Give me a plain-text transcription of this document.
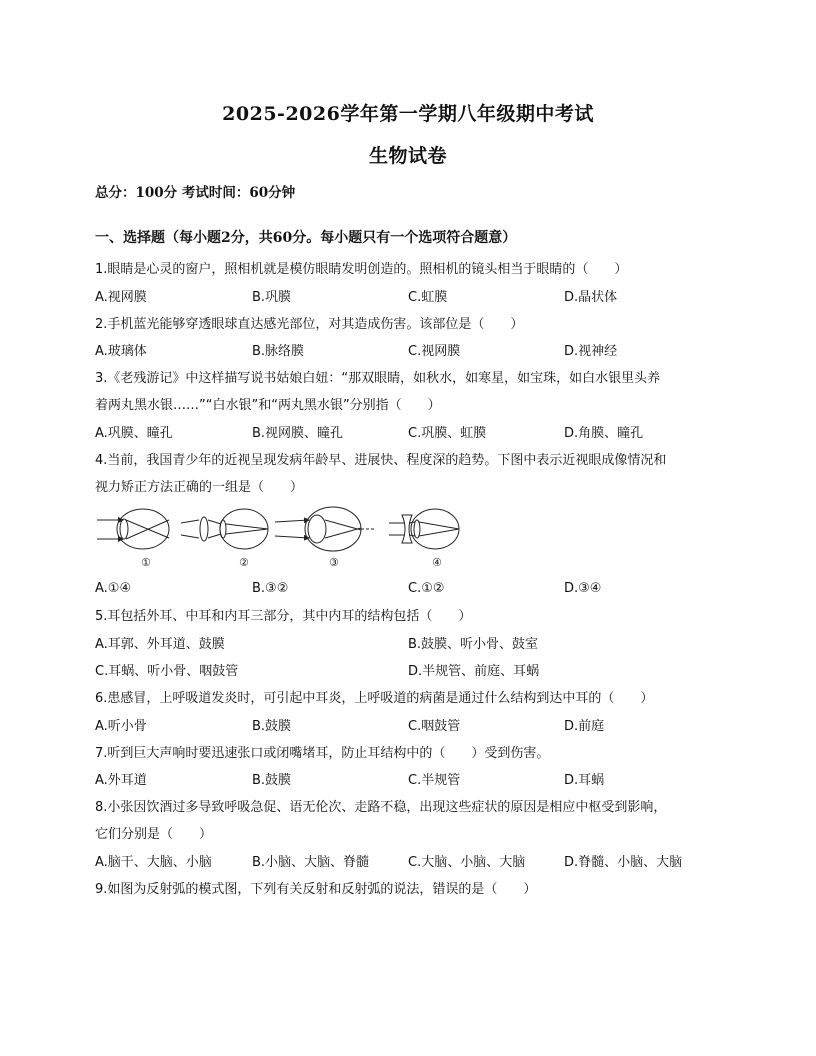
2025-2026学年第一学期八年级期中考试
生物试卷
总分：100分 考试时间：60分钟
一、选择题（每小题2分，共60分。每小题只有一个选项符合题意）
1.眼睛是心灵的窗户，照相机就是模仿眼睛发明创造的。照相机的镜头相当于眼睛的（　　）
A.视网膜	B.巩膜	C.虹膜	D.晶状体
2.手机蓝光能够穿透眼球直达感光部位，对其造成伤害。该部位是（　　）
A.玻璃体	B.脉络膜	C.视网膜	D.视神经
3.《老残游记》中这样描写说书姑娘白妞：“那双眼睛，如秋水，如寒星，如宝珠，如白水银里头养
着两丸黑水银……”“白水银”和“两丸黑水银”分别指（　　）
A.巩膜、瞳孔	B.视网膜、瞳孔	C.巩膜、虹膜	D.角膜、瞳孔
4.当前，我国青少年的近视呈现发病年龄早、进展快、程度深的趋势。下图中表示近视眼成像情况和
视力矫正方法正确的一组是（　　）
①	②	③	④
A.①④	B.③②	C.①②	D.③④
5.耳包括外耳、中耳和内耳三部分，其中内耳的结构包括（　　）
A.耳郭、外耳道、鼓膜	B.鼓膜、听小骨、鼓室
C.耳蜗、听小骨、咽鼓管	D.半规管、前庭、耳蜗
6.患感冒，上呼吸道发炎时，可引起中耳炎，上呼吸道的病菌是通过什么结构到达中耳的（　　）
A.听小骨	B.鼓膜	C.咽鼓管	D.前庭
7.听到巨大声响时要迅速张口或闭嘴堵耳，防止耳结构中的（　　）受到伤害。
A.外耳道	B.鼓膜	C.半规管	D.耳蜗
8.小张因饮酒过多导致呼吸急促、语无伦次、走路不稳，出现这些症状的原因是相应中枢受到影响，
它们分别是（　　）
A.脑干、大脑、小脑	B.小脑、大脑、脊髓	C.大脑、小脑、大脑	D.脊髓、小脑、大脑
9.如图为反射弧的模式图，下列有关反射和反射弧的说法，错误的是（　　）
